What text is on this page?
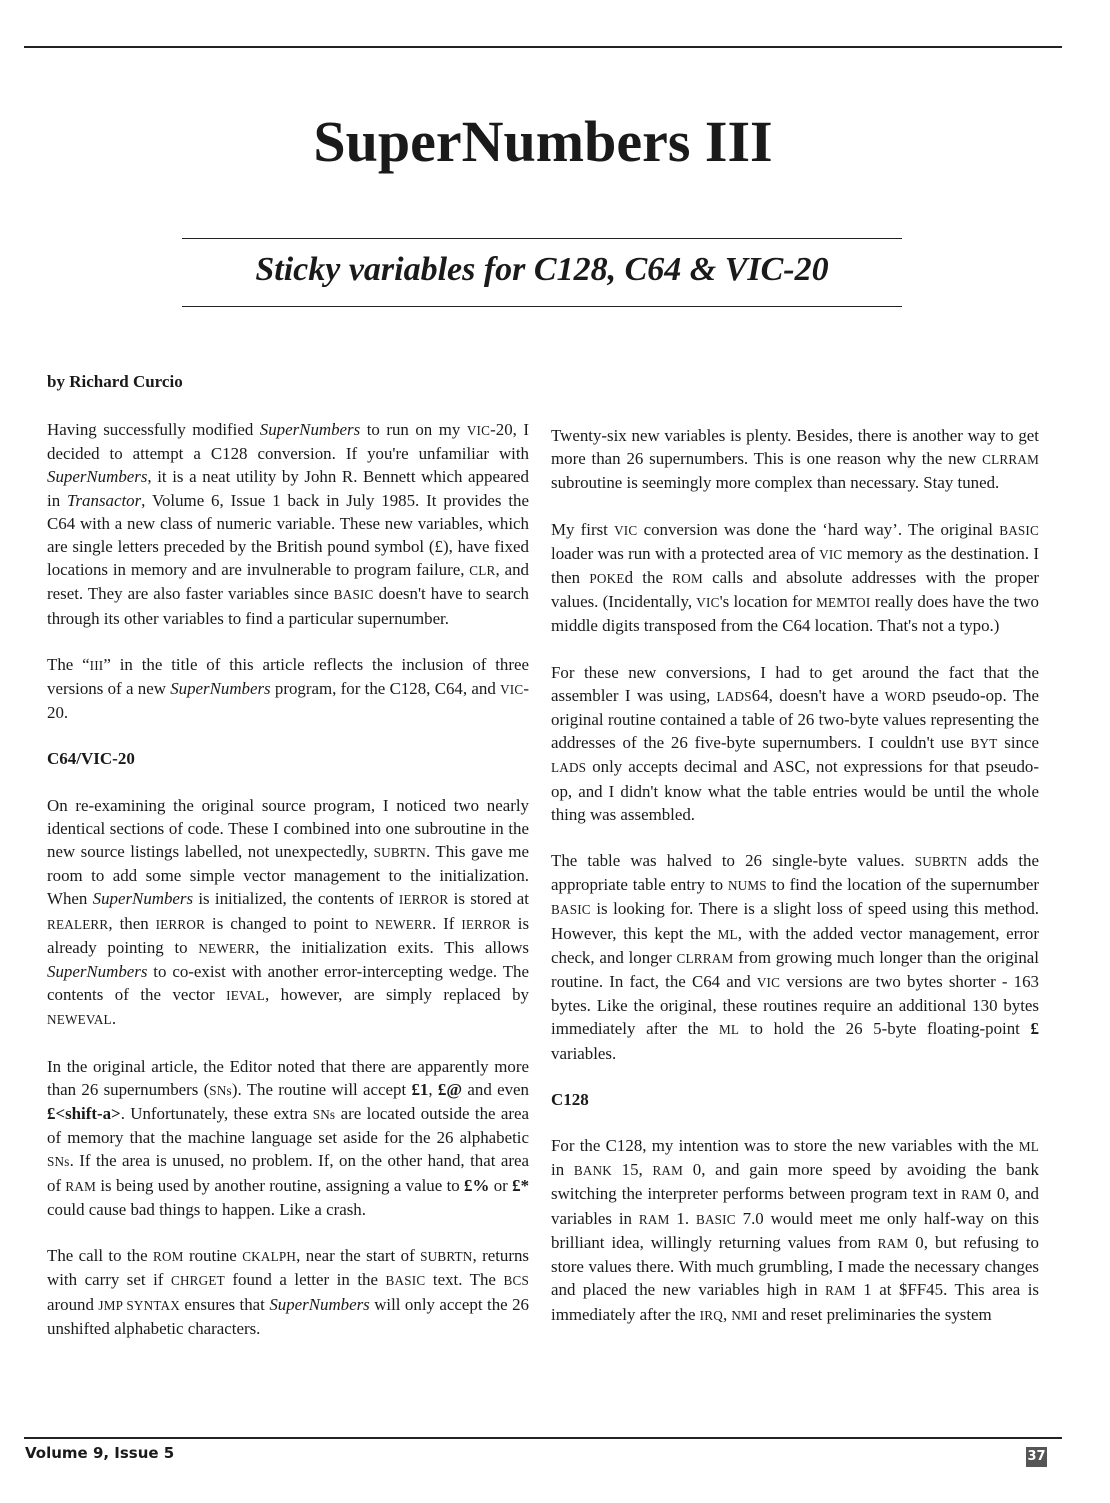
SuperNumbers III
Sticky variables for C128, C64 & VIC-20

by Richard Curcio

Having successfully modified SuperNumbers to run on my VIC-20, I decided to attempt a C128 conversion. If you're unfamiliar with SuperNumbers, it is a neat utility by John R. Bennett which appeared in Transactor, Volume 6, Issue 1 back in July 1985. It provides the C64 with a new class of numeric variable. These new variables, which are single letters preceded by the British pound symbol (£), have fixed locations in memory and are invulnerable to program failure, CLR, and reset. They are also faster variables since BASIC doesn't have to search through its other variables to find a particular supernumber.

The “III” in the title of this article reflects the inclusion of three versions of a new SuperNumbers program, for the C128, C64, and VIC-20.

C64/VIC-20

On re-examining the original source program, I noticed two nearly identical sections of code. These I combined into one subroutine in the new source listings labelled, not unexpectedly, SUBRTN. This gave me room to add some simple vector management to the initialization. When SuperNumbers is initialized, the contents of IERROR is stored at REALERR, then IERROR is changed to point to NEWERR. If IERROR is already pointing to NEWERR, the initialization exits. This allows SuperNumbers to co-exist with another error-intercepting wedge. The contents of the vector IEVAL, however, are simply replaced by NEWEVAL.

In the original article, the Editor noted that there are apparently more than 26 supernumbers (SNs). The routine will accept £1, £@ and even £<shift-a>. Unfortunately, these extra SNs are located outside the area of memory that the machine language set aside for the 26 alphabetic SNs. If the area is unused, no problem. If, on the other hand, that area of RAM is being used by another routine, assigning a value to £% or £* could cause bad things to happen. Like a crash.

The call to the ROM routine CKALPH, near the start of SUBRTN, returns with carry set if CHRGET found a letter in the BASIC text. The BCS around JMP SYNTAX ensures that SuperNumbers will only accept the 26 unshifted alphabetic characters.

Twenty-six new variables is plenty. Besides, there is another way to get more than 26 supernumbers. This is one reason why the new CLRRAM subroutine is seemingly more complex than necessary. Stay tuned.

My first VIC conversion was done the ‘hard way’. The original BASIC loader was run with a protected area of VIC memory as the destination. I then POKEd the ROM calls and absolute addresses with the proper values. (Incidentally, VIC's location for MEMTOI really does have the two middle digits transposed from the C64 location. That's not a typo.)

For these new conversions, I had to get around the fact that the assembler I was using, LADS64, doesn't have a WORD pseudo-op. The original routine contained a table of 26 two-byte values representing the addresses of the 26 five-byte supernumbers. I couldn't use BYT since LADS only accepts decimal and ASC, not expressions for that pseudo-op, and I didn't know what the table entries would be until the whole thing was assembled.

The table was halved to 26 single-byte values. SUBRTN adds the appropriate table entry to NUMS to find the location of the supernumber BASIC is looking for. There is a slight loss of speed using this method. However, this kept the ML, with the added vector management, error check, and longer CLRRAM from growing much longer than the original routine. In fact, the C64 and VIC versions are two bytes shorter - 163 bytes. Like the original, these routines require an additional 130 bytes immediately after the ML to hold the 26 5-byte floating-point £ variables.

C128

For the C128, my intention was to store the new variables with the ML in BANK 15, RAM 0, and gain more speed by avoiding the bank switching the interpreter performs between program text in RAM 0, and variables in RAM 1. BASIC 7.0 would meet me only half-way on this brilliant idea, willingly returning values from RAM 0, but refusing to store values there. With much grumbling, I made the necessary changes and placed the new variables high in RAM 1 at $FF45. This area is immediately after the IRQ, NMI and reset preliminaries the system

Volume 9, Issue 5	37
